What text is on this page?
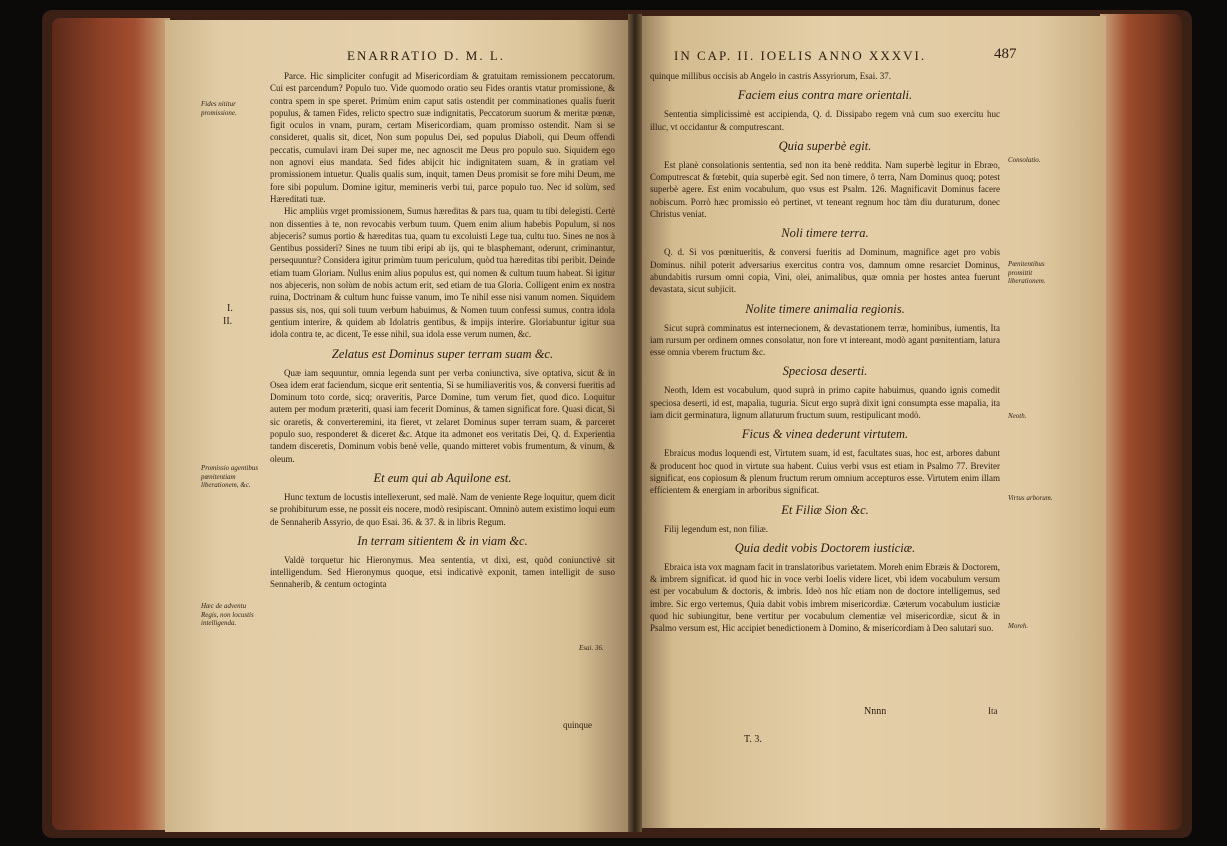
ENARRATIO D. M. L.
Fides nititur promissione.
I.
II.
Promissio agentibus pœnitentiam liberationem, &c.
Hæc de adventu Regis, non locustis intelligenda.
Esai. 36.

Parce. Hic simpliciter confugit ad Misericordiam & gratuitam remissionem peccatorum. Cui est parcendum? Populo tuo. Vide quomodo oratio seu Fides orantis vtatur promissione, & contra spem in spe speret. Primùm enim caput satis ostendit per comminationes qualis fuerit populus, & tamen Fides, relicto spectro suæ indignitatis, Peccatorum suorum & meritæ pœnæ, figit oculos in vnam, puram, certam Misericordiam, quam promisso ostendit. Nam si se consideret, qualis sit, dicet, Non sum populus Dei, sed populus Diaboli, qui Deum offendi peccatis, cumulavi iram Dei super me, nec agnoscit me Deus pro populo suo. Siquidem ego non agnovi eius mandata. Sed fides abijcit hic indignitatem suam, & in gratiam vel promissionem intuetur. Qualis qualis sum, inquit, tamen Deus promisit se fore mihi Deum, me fore sibi populum. Domine igitur, memineris verbi tui, parce populo tuo. Nec id solùm, sed Hæreditati tuæ.

Hic ampliùs vrget promissionem, Sumus hæreditas & pars tua, quam tu tibi delegisti. Certè non dissenties à te, non revocabis verbum tuum. Quem enim alium habebis Populum, si nos abjeceris? sumus portio & hæreditas tua, quam tu excoluisti Lege tua, cultu tuo. Sines ne nos à Gentibus possideri? Sines ne tuum tibi eripi ab ijs, qui te blasphemant, oderunt, criminantur, persequuntur? Considera igitur primùm tuum periculum, quòd tua hæreditas tibi peribit. Deinde etiam tuam Gloriam. Nullus enim alius populus est, qui nomen & cultum tuum habeat. Si igitur nos abjeceris, non solùm de nobis actum erit, sed etiam de tua Gloria. Colligent enim ex nostra ruina, Doctrinam & cultum hunc fuisse vanum, imo Te nihil esse nisi vanum nomen. Siquidem passus sis, nos, qui soli tuum verbum habuimus, & Nomen tuum confessi sumus, contra idola gentium interire, & quidem ab Idolatris gentibus, & impijs interire. Gloriabuntur igitur sua idola contra te, ac dicent, Te esse nihil, sua idola esse verum numen, &c.

Zelatus est Dominus super terram suam &c.

Quæ iam sequuntur, omnia legenda sunt per verba coniunctiva, sive optativa, sicut & in Osea idem erat faciendum, sicque erit sententia, Si se humiliaveritis vos, & conversi fueritis ad Dominum toto corde, sicq; oraveritis, Parce Domine, tum verum fiet, quod dico. Loquitur autem per modum præteriti, quasi iam fecerit Dominus, & tamen significat fore. Quasi dicat, Si sic oraretis, & converteremini, ita fieret, vt zelaret Dominus super terram suam, & parceret populo suo, responderet & diceret &c. Atque ita admonet eos veritatis Dei, Q. d. Experientia tandem disceretis, Dominum vobis benè velle, quando mitteret vobis frumentum, & vinum, & oleum.

Et eum qui ab Aquilone est.

Hunc textum de locustis intellexerunt, sed malè. Nam de veniente Rege loquitur, quem dicit se prohibiturum esse, ne possit eis nocere, modò resipiscant. Omninò autem existimo loqui eum de Sennaherib Assyrio, de quo Esai. 36. & 37. & in libris Regum.

In terram sitientem & in viam &c.

Valdè torquetur hic Hieronymus. Mea sententia, vt dixi, est, quòd coniunctivè sit intelligendum. Sed Hieronymus quoque, etsi indicativè exponit, tamen intelligit de suso Sennaherib, & centum octoginta

quinque
IN CAP. II. IOELIS ANNO XXXVI.	487

quinque millibus occisis ab Angelo in castris Assyriorum, Esai. 37.

Faciem eius contra mare orientali.

Sententia simplicissimè est accipienda, Q. d. Dissipabo regem vnà cum suo exercitu huc illuc, vt occidantur & computrescant.

Quia superbè egit.

Est planè consolationis sententia, sed non ita benè reddita. Nam superbè legitur in Ebræo, Computrescat & fœtebit, quia superbè egit. Sed non timere, ô terra, Nam Dominus quoq; potest superbè agere. Est enim vocabulum, quo vsus est Psalm. 126. Magnificavit Dominus facere nobiscum. Porrò hæc promissio eò pertinet, vt teneant regnum hoc tàm diu duraturum, donec Christus veniat.

Noli timere terra.

Q. d. Si vos pœnitueritis, & conversi fueritis ad Dominum, magnifice aget pro vobis Dominus. nihil poterit adversarius exercitus contra vos, damnum omne resarciet Dominus, abundabitis rursum omni copia, Vini, olei, animalibus, quæ omnia per hostes antea fuerunt devastata, sicut subjicit.

Nolite timere animalia regionis.

Sicut suprà comminatus est internecionem, & devastationem terræ, hominibus, iumentis, Ita iam rursum per ordinem omnes consolatur, non fore vt intereant, modò agant pœnitentiam, latura esse omnia vberem fructum &c.

Speciosa deserti.

Neoth, Idem est vocabulum, quod suprà in primo capite habuimus, quando ignis comedit speciosa deserti, id est, mapalia, tuguria. Sicut ergo suprà dixit igni consumpta esse mapalia, ita iam dicit germinatura, lignum allaturum fructum suum, restipulicant modò.

Ficus & vinea dederunt virtutem.

Ebraicus modus loquendi est, Virtutem suam, id est, facultates suas, hoc est, arbores dabunt & producent hoc quod in virtute sua habent. Cuius verbi vsus est etiam in Psalmo 77. Breviter significat, eos copiosum & plenum fructum rerum omnium accepturos esse. Virtutem enim illam efficientem & energiam in arboribus significat.

Et Filiæ Sion &c.

Filij legendum est, non filiæ.

Quia dedit vobis Doctorem iusticiæ.

Ebraica ista vox magnam facit in translatoribus varietatem. Moreh enim Ebræis & Doctorem, & imbrem significat. id quod hic in voce verbi Ioelis videre licet, vbi idem vocabulum versum est per vocabulum & doctoris, & imbris. Ideò nos hîc etiam non de doctore intelligemus, sed imbre. Sic ergo vertemus, Quia dabit vobis imbrem misericordiæ. Cæterum vocabulum iusticiæ quod hic subiungitur, bene vertitur per vocabulum clementiæ vel misericordiæ, sicut & in Psalmo versum est, Hic accipiet benedictionem à Domino, & misericordiam à Deo salutari suo.

Consolatio.
Pœnitentibus promittit liberationem.
Neoth.
Virtus arborum.
Moreh.
T. 3.
Nnnn	Ita
